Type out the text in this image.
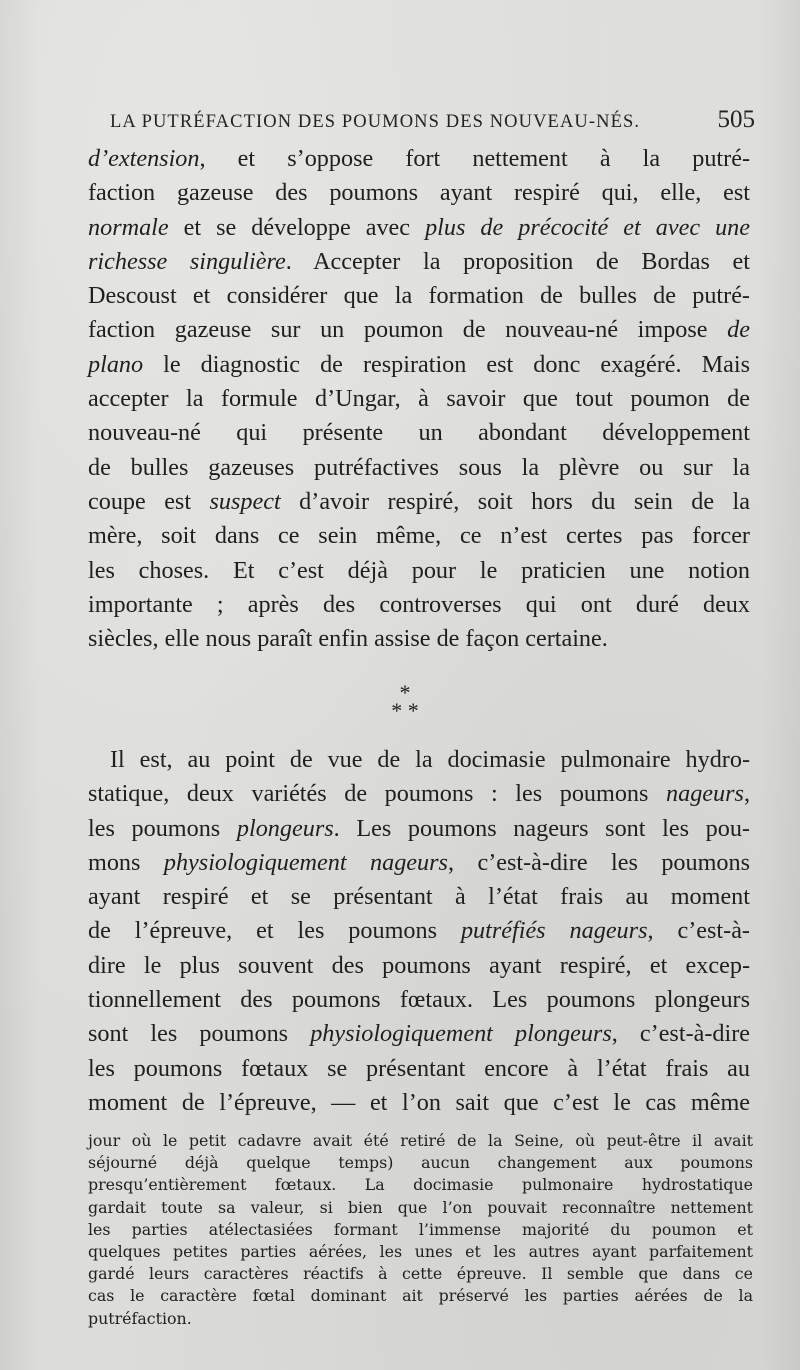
LA PUTRÉFACTION DES POUMONS DES NOUVEAU-NÉS.	505
d’extension, et s’oppose fort nettement à la putré-
faction gazeuse des poumons ayant respiré qui, elle, est
normale et se développe avec plus de précocité et avec une
richesse singulière. Accepter la proposition de Bordas et
Descoust et considérer que la formation de bulles de putré-
faction gazeuse sur un poumon de nouveau-né impose de
plano le diagnostic de respiration est donc exagéré. Mais
accepter la formule d’Ungar, à savoir que tout poumon de
nouveau-né qui présente un abondant développement
de bulles gazeuses putréfactives sous la plèvre ou sur la
coupe est suspect d’avoir respiré, soit hors du sein de la
mère, soit dans ce sein même, ce n’est certes pas forcer
les choses. Et c’est déjà pour le praticien une notion
importante ; après des controverses qui ont duré deux
siècles, elle nous paraît enfin assise de façon certaine.
*
* *
Il est, au point de vue de la docimasie pulmonaire hydro-
statique, deux variétés de poumons : les poumons nageurs,
les poumons plongeurs. Les poumons nageurs sont les pou-
mons physiologiquement nageurs, c’est-à-dire les poumons
ayant respiré et se présentant à l’état frais au moment
de l’épreuve, et les poumons putréfiés nageurs, c’est-à-
dire le plus souvent des poumons ayant respiré, et excep-
tionnellement des poumons fœtaux. Les poumons plongeurs
sont les poumons physiologiquement plongeurs, c’est-à-dire
les poumons fœtaux se présentant encore à l’état frais au
moment de l’épreuve, — et l’on sait que c’est le cas même
jour où le petit cadavre avait été retiré de la Seine, où peut-être il avait
séjourné déjà quelque temps) aucun changement aux poumons
presqu’entièrement fœtaux. La docimasie pulmonaire hydrostatique
gardait toute sa valeur, si bien que l’on pouvait reconnaître nettement
les parties atélectasiées formant l’immense majorité du poumon et
quelques petites parties aérées, les unes et les autres ayant parfaitement
gardé leurs caractères réactifs à cette épreuve. Il semble que dans ce
cas le caractère fœtal dominant ait préservé les parties aérées de la
putréfaction.
